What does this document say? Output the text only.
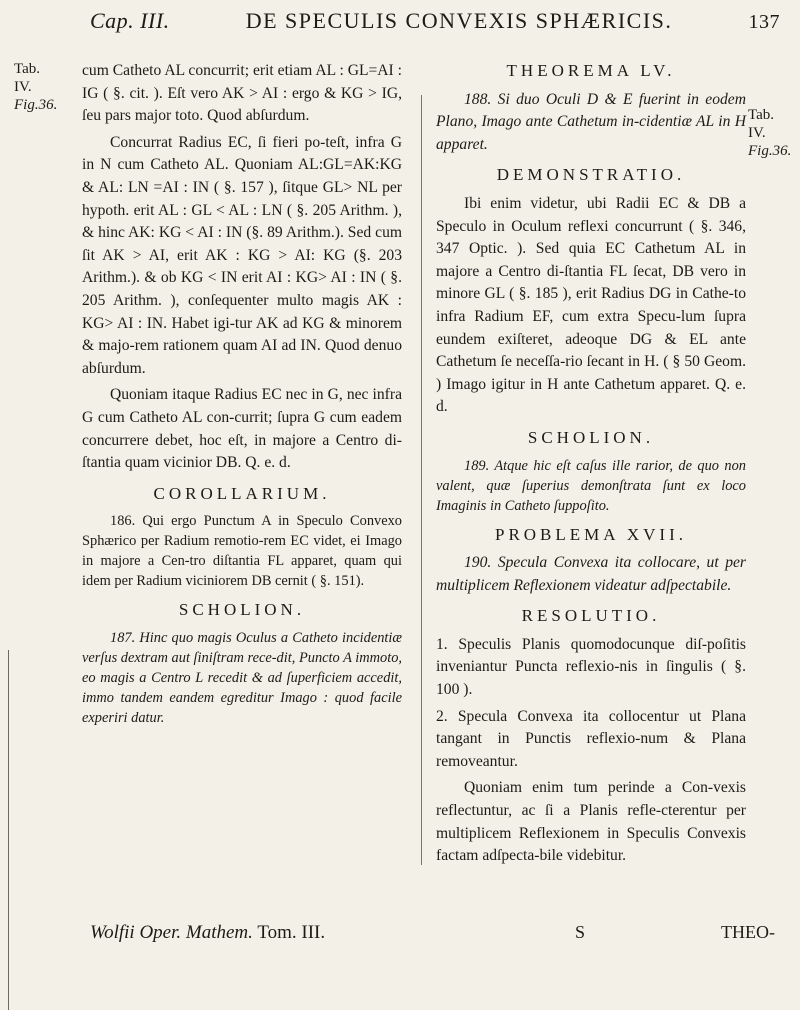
Cap. III.	DE SPECULIS CONVEXIS SPHÆRICIS.	137
Tab.
IV.
Fig.36.
Tab.
IV.
Fig.36.

cum Catheto AL concurrit; erit etiam AL : GL=AI : IG ( §. cit. ). Eſt vero AK > AI : ergo & KG > IG, ſeu pars major toto. Quod abſurdum.

Concurrat Radius EC, ſi fieri po-teſt, infra G in N cum Catheto AL. Quoniam AL:GL=AK:KG & AL: LN =AI : IN ( §. 157 ), ſitque GL> NL per hypoth. erit AL : GL < AL : LN ( §. 205 Arithm. ), & hinc AK: KG < AI : IN (§. 89 Arithm.). Sed cum ſit AK > AI, erit AK : KG > AI: KG (§. 203 Arithm.). & ob KG < IN erit AI : KG> AI : IN ( §. 205 Arithm. ), conſequenter multo magis AK : KG> AI : IN. Habet igi-tur AK ad KG & minorem & majo-rem rationem quam AI ad IN. Quod denuo abſurdum.

Quoniam itaque Radius EC nec in G, nec infra G cum Catheto AL con-currit; ſupra G cum eadem concurrere debet, hoc eſt, in majore a Centro di-ſtantia quam vicinior DB. Q. e. d.

COROLLARIUM.

186. Qui ergo Punctum A in Speculo Convexo Sphærico per Radium remotio-rem EC videt, ei Imago in majore a Cen-tro diſtantia FL apparet, quam qui idem per Radium viciniorem DB cernit ( §. 151).

SCHOLION.

187. Hinc quo magis Oculus a Catheto incidentiæ verſus dextram aut ſiniſtram rece-dit, Puncto A immoto, eo magis a Centro L recedit & ad ſuperficiem accedit, immo tandem eandem egreditur Imago : quod facile experiri datur.

THEOREMA LV.

188. Si duo Oculi D & E fuerint in eodem Plano, Imago ante Cathetum in-cidentiæ AL in H apparet.

DEMONSTRATIO.

Ibi enim videtur, ubi Radii EC & DB a Speculo in Oculum reflexi concurrunt ( §. 346, 347 Optic. ). Sed quia EC Cathetum AL in majore a Centro di-ſtantia FL ſecat, DB vero in minore GL ( §. 185 ), erit Radius DG in Cathe-to infra Radium EF, cum extra Specu-lum ſupra eundem exiſteret, adeoque DG & EL ante Cathetum ſe neceſſa-rio ſecant in H. ( § 50 Geom. ) Imago igitur in H ante Cathetum apparet. Q. e. d.

SCHOLION.

189. Atque hic eſt caſus ille rarior, de quo non valent, quæ ſuperius demonſtrata ſunt ex loco Imaginis in Catheto ſuppoſito.

PROBLEMA XVII.

190. Specula Convexa ita collocare, ut per multiplicem Reflexionem videatur adſpectabile.

RESOLUTIO.

1. Speculis Planis quomodocunque diſ-poſitis inveniantur Puncta reflexio-nis in ſingulis ( §. 100 ).

2. Specula Convexa ita collocentur ut Plana tangant in Punctis reflexio-num & Plana removeantur.

Quoniam enim tum perinde a Con-vexis reflectuntur, ac ſi a Planis refle-cterentur per multiplicem Reflexionem in Speculis Convexis factam adſpecta-bile videbitur.

Wolfii Oper. Mathem. Tom. III.	S	THEO-
